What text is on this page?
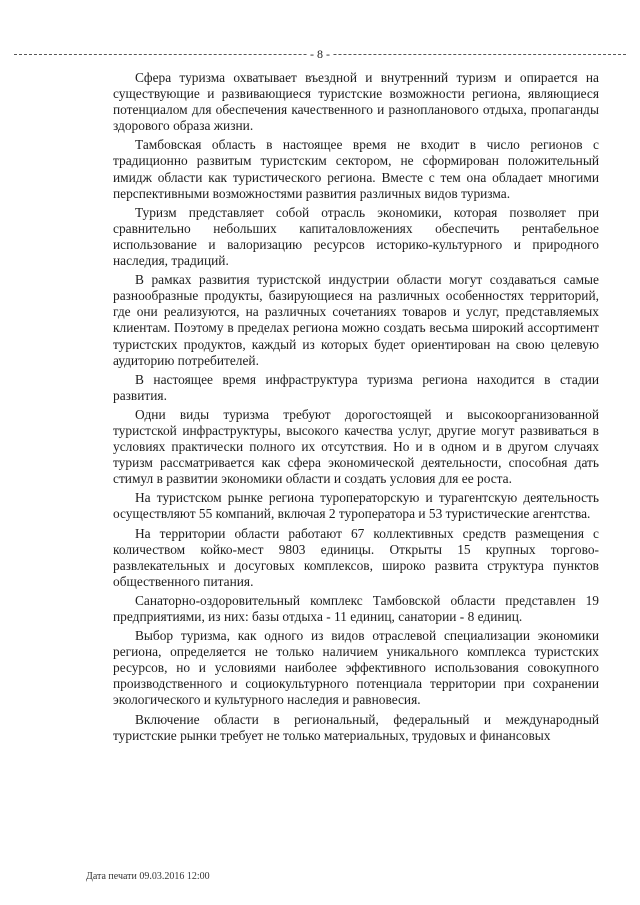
- 8 -

Сфера туризма охватывает въездной и внутренний туризм и опирается на существующие и развивающиеся туристские возможности региона, являющиеся потенциалом для обеспечения качественного и разнопланового отдыха, пропаганды здорового образа жизни.

Тамбовская область в настоящее время не входит в число регионов с традиционно развитым туристским сектором, не сформирован положительный имидж области как туристического региона. Вместе с тем она обладает многими перспективными возможностями развития различных видов туризма.

Туризм представляет собой отрасль экономики, которая позволяет при сравнительно небольших капиталовложениях обеспечить рентабельное использование и валоризацию ресурсов историко-культурного и природного наследия, традиций.

В рамках развития туристской индустрии области могут создаваться самые разнообразные продукты, базирующиеся на различных особенностях территорий, где они реализуются, на различных сочетаниях товаров и услуг, представляемых клиентам. Поэтому в пределах региона можно создать весьма широкий ассортимент туристских продуктов, каждый из которых будет ориентирован на свою целевую аудиторию потребителей.

В настоящее время инфраструктура туризма региона находится в стадии развития.

Одни виды туризма требуют дорогостоящей и высокоорганизованной туристской инфраструктуры, высокого качества услуг, другие могут развиваться в условиях практически полного их отсутствия. Но и в одном и в другом случаях туризм рассматривается как сфера экономической деятельности, способная дать стимул в развитии экономики области и создать условия для ее роста.

На туристском рынке региона туроператорскую и турагентскую деятельность осуществляют 55 компаний, включая 2 туроператора и 53 туристические агентства.

На территории области работают 67 коллективных средств размещения с количеством койко-мест 9803 единицы. Открыты 15 крупных торгово-развлекательных и досуговых комплексов, широко развита структура пунктов общественного питания.

Санаторно-оздоровительный комплекс Тамбовской области представлен 19 предприятиями, из них: базы отдыха - 11 единиц, санатории - 8 единиц.

Выбор туризма, как одного из видов отраслевой специализации экономики региона, определяется не только наличием уникального комплекса туристских ресурсов, но и условиями наиболее эффективного использования совокупного производственного и социокультурного потенциала территории при сохранении экологического и культурного наследия и равновесия.

Включение области в региональный, федеральный и международный туристские рынки требует не только материальных, трудовых и финансовых

Дата печати 09.03.2016 12:00
